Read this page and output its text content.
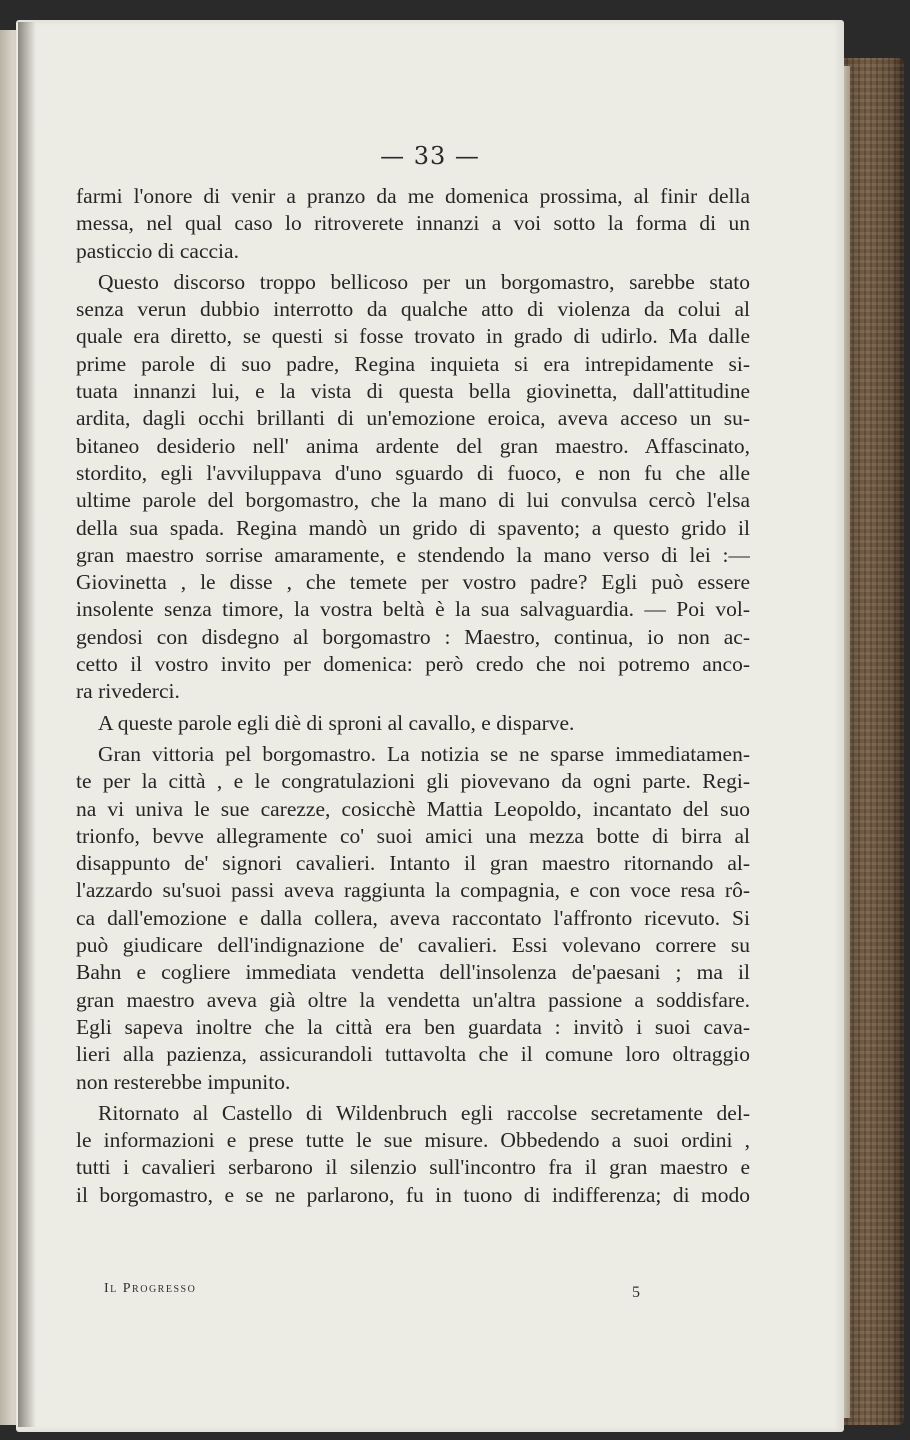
— 33 —
farmi l'onore di venir a pranzo da me domenica prossima, al finir della
messa, nel qual caso lo ritroverete innanzi a voi sotto la forma di un
pasticcio di caccia.
Questo discorso troppo bellicoso per un borgomastro, sarebbe stato
senza verun dubbio interrotto da qualche atto di violenza da colui al
quale era diretto, se questi si fosse trovato in grado di udirlo. Ma dalle
prime parole di suo padre, Regina inquieta si era intrepidamente si-
tuata innanzi lui, e la vista di questa bella giovinetta, dall'attitudine
ardita, dagli occhi brillanti di un'emozione eroica, aveva acceso un su-
bitaneo desiderio nell' anima ardente del gran maestro. Affascinato,
stordito, egli l'avviluppava d'uno sguardo di fuoco, e non fu che alle
ultime parole del borgomastro, che la mano di lui convulsa cercò l'elsa
della sua spada. Regina mandò un grido di spavento; a questo grido il
gran maestro sorrise amaramente, e stendendo la mano verso di lei :—
Giovinetta , le disse , che temete per vostro padre? Egli può essere
insolente senza timore, la vostra beltà è la sua salvaguardia. — Poi vol-
gendosi con disdegno al borgomastro : Maestro, continua, io non ac-
cetto il vostro invito per domenica: però credo che noi potremo anco-
ra rivederci.
A queste parole egli diè di sproni al cavallo, e disparve.
Gran vittoria pel borgomastro. La notizia se ne sparse immediatamen-
te per la città , e le congratulazioni gli piovevano da ogni parte. Regi-
na vi univa le sue carezze, cosicchè Mattia Leopoldo, incantato del suo
trionfo, bevve allegramente co' suoi amici una mezza botte di birra al
disappunto de' signori cavalieri. Intanto il gran maestro ritornando al-
l'azzardo su'suoi passi aveva raggiunta la compagnia, e con voce resa rô-
ca dall'emozione e dalla collera, aveva raccontato l'affronto ricevuto. Si
può giudicare dell'indignazione de' cavalieri. Essi volevano correre su
Bahn e cogliere immediata vendetta dell'insolenza de'paesani ; ma il
gran maestro aveva già oltre la vendetta un'altra passione a soddisfare.
Egli sapeva inoltre che la città era ben guardata : invitò i suoi cava-
lieri alla pazienza, assicurandoli tuttavolta che il comune loro oltraggio
non resterebbe impunito.
Ritornato al Castello di Wildenbruch egli raccolse secretamente del-
le informazioni e prese tutte le sue misure. Obbedendo a suoi ordini ,
tutti i cavalieri serbarono il silenzio sull'incontro fra il gran maestro e
il borgomastro, e se ne parlarono, fu in tuono di indifferenza; di modo
Il Progresso	5
